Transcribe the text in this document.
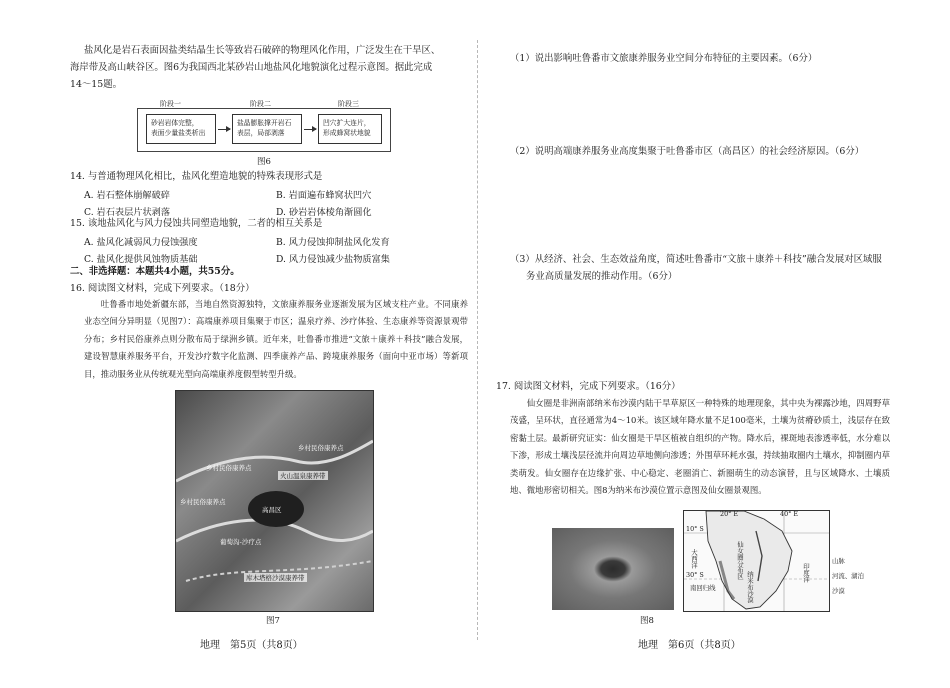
盐风化是岩石表面因盐类结晶生长等致岩石破碎的物理风化作用，广泛发生在干旱区、
海岸带及高山峡谷区。图6为我国西北某砂岩山地盐风化地貌演化过程示意图。据此完成
14～15题。
阶段一	阶段二	阶段三
砂岩岩体完整，
表面少量盐类析出
盐晶膨胀撑开岩石
表层，局部剥落
凹穴扩大连片，
形成蜂窝状地貌
图6
14. 与普通物理风化相比，盐风化塑造地貌的特殊表现形式是
A. 岩石整体崩解破碎	B. 岩面遍布蜂窝状凹穴
C. 岩石表层片状剥落	D. 砂岩岩体棱角渐圆化
15. 该地盐风化与风力侵蚀共同塑造地貌，二者的相互关系是
A. 盐风化减弱风力侵蚀强度	B. 风力侵蚀抑制盐风化发育
C. 盐风化提供风蚀物质基础	D. 风力侵蚀减少盐物质富集
二、非选择题：本题共4小题，共55分。
16. 阅读图文材料，完成下列要求。（18分）
吐鲁番市地处新疆东部，当地自然资源独特，文旅康养服务业逐渐发展为区域支柱产业。不同康养业态空间分异明显（见图7）：高端康养项目集聚于市区；温泉疗养、沙疗体验、生态康养等资源景观带分布；乡村民俗康养点则分散布局于绿洲乡镇。近年来，吐鲁番市推进“文旅＋康养＋科技”融合发展，建设智慧康养服务平台，开发沙疗数字化监测、四季康养产品、跨境康养服务（面向中亚市场）等新项目，推动服务业从传统观光型向高端康养度假型转型升级。
乡村民俗康养点
乡村民俗康养点
火山温泉康养带
高昌区
葡萄沟-沙疗点
乡村民俗康养点
库木塔格沙漠康养带
图7
地理　第5页（共8页）
（1）说出影响吐鲁番市文旅康养服务业空间分布特征的主要因素。（6分）
（2）说明高端康养服务业高度集聚于吐鲁番市区（高昌区）的社会经济原因。（6分）
（3）从经济、社会、生态效益角度，简述吐鲁番市“文旅＋康养＋科技”融合发展对区域服
务业高质量发展的推动作用。（6分）
17. 阅读图文材料，完成下列要求。（16分）
仙女圈是非洲南部纳米布沙漠内陆干旱草原区一种特殊的地理现象，其中央为裸露沙地，四周野草茂盛，呈环状，直径通常为4～10米。该区域年降水量不足100毫米，土壤为贫瘠砂质土，浅层存在致密黏土层。最新研究证实：仙女圈是干旱区植被自组织的产物。降水后，裸斑地表渗透率低，水分难以下渗，形成土壤浅层径流并向周边草地侧向渗透；外围草环耗水强，持续抽取圈内土壤水，抑制圈内草类萌发。仙女圈存在边缘扩张、中心稳定、老圈消亡、新圈萌生的动态演替，且与区域降水、土壤质地、微地形密切相关。图8为纳米布沙漠位置示意图及仙女圈景观图。
图8
地理　第6页（共8页）
20° E	40° E
10° S
30° S
大西洋
印度洋
仙女圈分布区
南回归线	纳米布沙漠
山脉
河流、湖泊
沙漠
